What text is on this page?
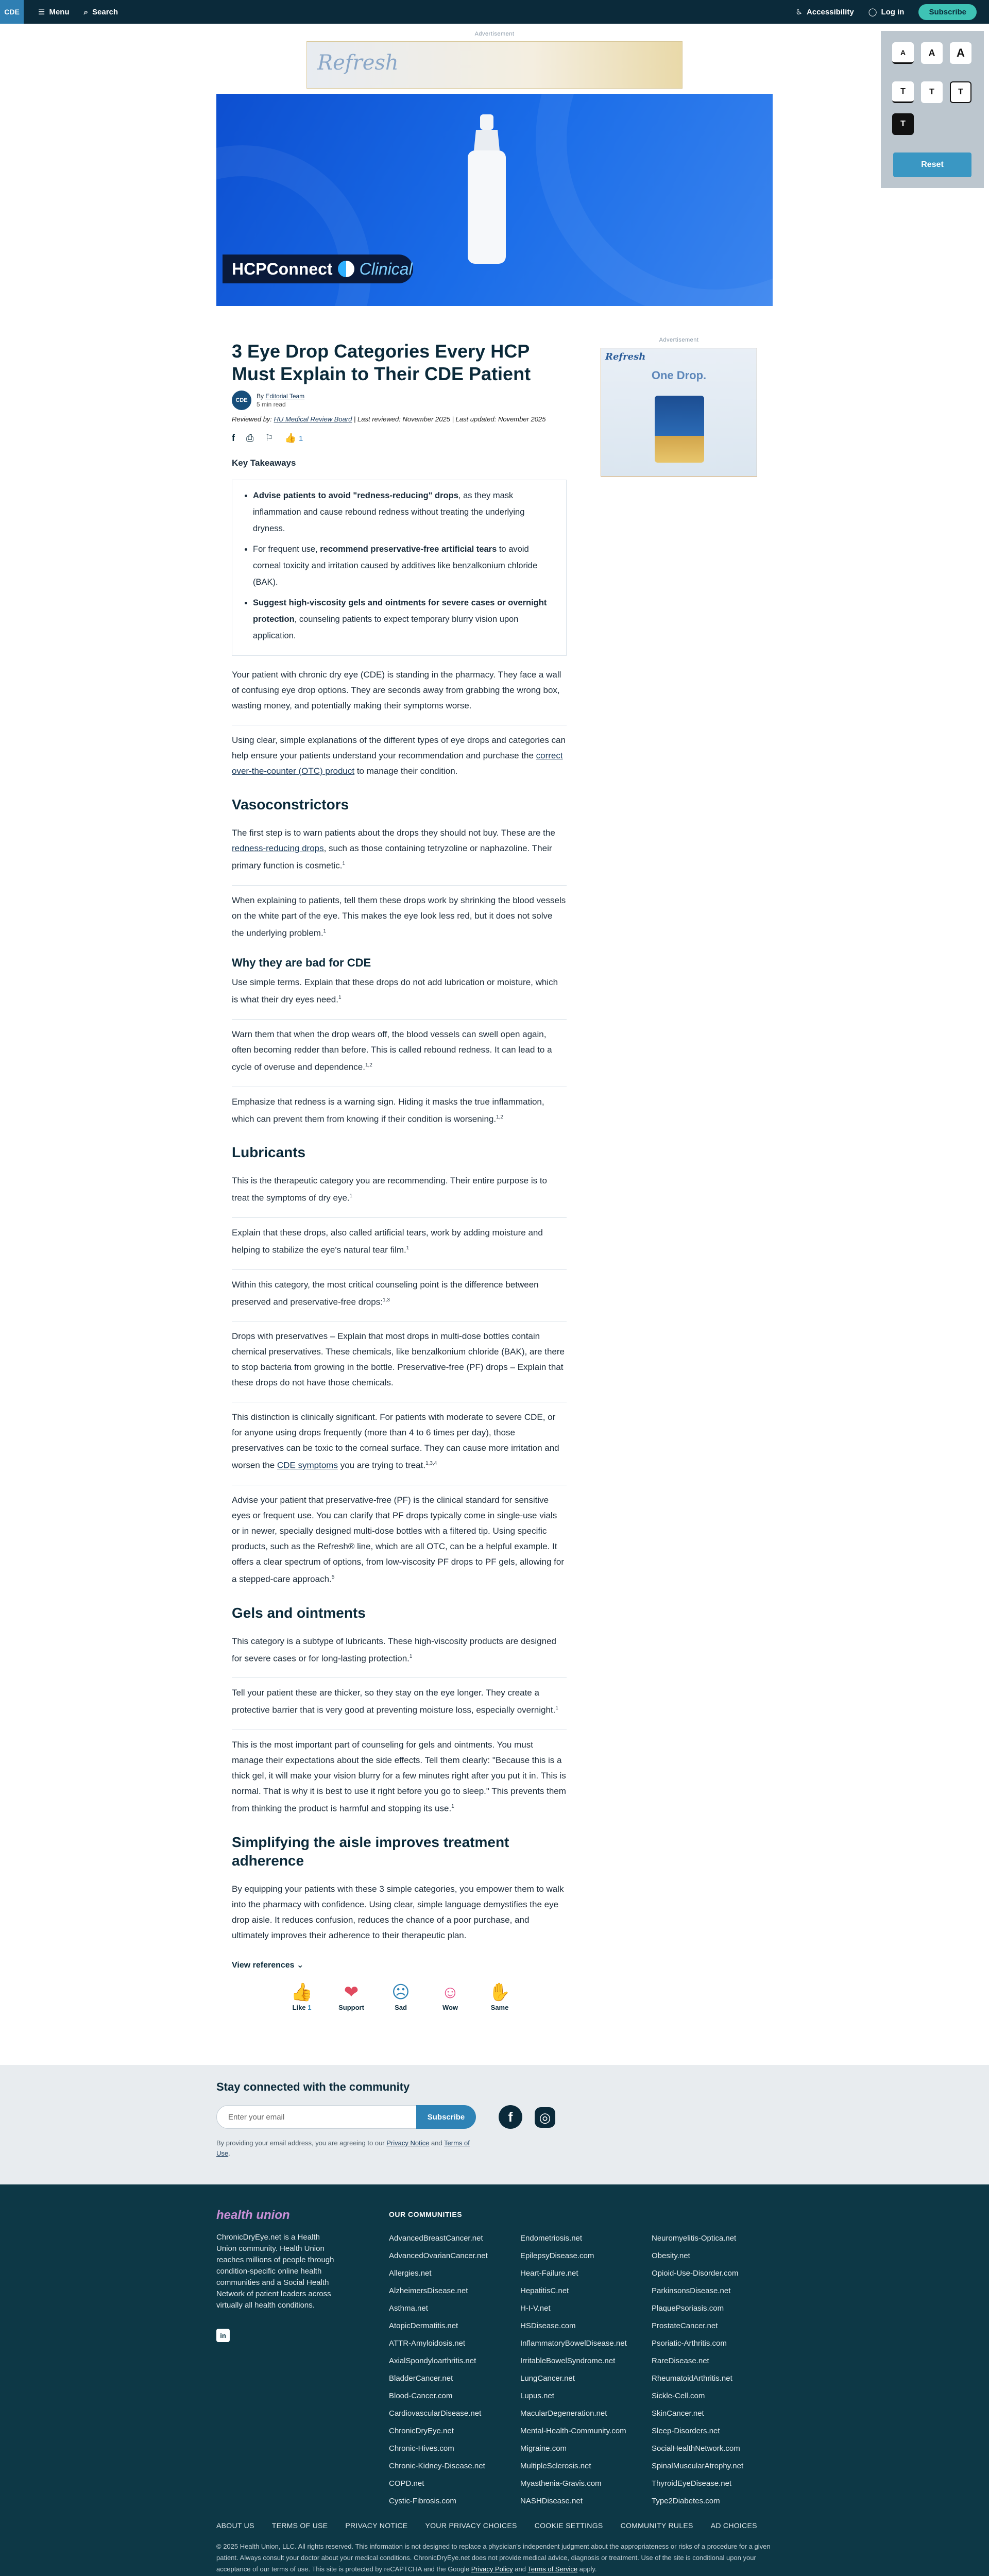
CDE	☰ Menu ⌕ Search	♿ Accessibility ◯ Log in	Subscribe
Advertisement
Refresh
HCPConnect Clinical
A	A	A
T	T	T
T
Reset
Advertisement
Refresh
One Drop.
3 Eye Drop Categories Every HCP Must Explain to Their CDE Patient
CDE
By Editorial Team
5 min read
Reviewed by: HU Medical Review Board | Last reviewed: November 2025 | Last updated: November 2025
f ⎙ ⚐ 👍 1
Key Takeaways
• Advise patients to avoid "redness-reducing" drops, as they mask inflammation and cause rebound redness without treating the underlying dryness.
• For frequent use, recommend preservative-free artificial tears to avoid corneal toxicity and irritation caused by additives like benzalkonium chloride (BAK).
• Suggest high-viscosity gels and ointments for severe cases or overnight protection, counseling patients to expect temporary blurry vision upon application.

Your patient with chronic dry eye (CDE) is standing in the pharmacy. They face a wall of confusing eye drop options. They are seconds away from grabbing the wrong box, wasting money, and potentially making their symptoms worse.

Using clear, simple explanations of the different types of eye drops and categories can help ensure your patients understand your recommendation and purchase the correct over-the-counter (OTC) product to manage their condition.

Vasoconstrictors

The first step is to warn patients about the drops they should not buy. These are the redness-reducing drops, such as those containing tetryzoline or naphazoline. Their primary function is cosmetic.$^1$

When explaining to patients, tell them these drops work by shrinking the blood vessels on the white part of the eye. This makes the eye look less red, but it does not solve the underlying problem.$^1$

Why they are bad for CDE

Use simple terms. Explain that these drops do not add lubrication or moisture, which is what their dry eyes need.$^1$

Warn them that when the drop wears off, the blood vessels can swell open again, often becoming redder than before. This is called rebound redness. It can lead to a cycle of overuse and dependence.$^{1,2}$

Emphasize that redness is a warning sign. Hiding it masks the true inflammation, which can prevent them from knowing if their condition is worsening.$^{1,2}$

Lubricants

This is the therapeutic category you are recommending. Their entire purpose is to treat the symptoms of dry eye.$^1$

Explain that these drops, also called artificial tears, work by adding moisture and helping to stabilize the eye's natural tear film.$^1$

Within this category, the most critical counseling point is the difference between preserved and preservative-free drops:$^{1,3}$

Drops with preservatives – Explain that most drops in multi-dose bottles contain chemical preservatives. These chemicals, like benzalkonium chloride (BAK), are there to stop bacteria from growing in the bottle. Preservative-free (PF) drops – Explain that these drops do not have those chemicals.

This distinction is clinically significant. For patients with moderate to severe CDE, or for anyone using drops frequently (more than 4 to 6 times per day), those preservatives can be toxic to the corneal surface. They can cause more irritation and worsen the CDE symptoms you are trying to treat.$^{1,3,4}$

Advise your patient that preservative-free (PF) is the clinical standard for sensitive eyes or frequent use. You can clarify that PF drops typically come in single-use vials or in newer, specially designed multi-dose bottles with a filtered tip. Using specific products, such as the Refresh® line, which are all OTC, can be a helpful example. It offers a clear spectrum of options, from low-viscosity PF drops to PF gels, allowing for a stepped-care approach.$^5$

Gels and ointments

This category is a subtype of lubricants. These high-viscosity products are designed for severe cases or for long-lasting protection.$^1$

Tell your patient these are thicker, so they stay on the eye longer. They create a protective barrier that is very good at preventing moisture loss, especially overnight.$^1$

This is the most important part of counseling for gels and ointments. You must manage their expectations about the side effects. Tell them clearly: "Because this is a thick gel, it will make your vision blurry for a few minutes right after you put it in. This is normal. That is why it is best to use it right before you go to sleep." This prevents them from thinking the product is harmful and stopping its use.$^1$

Simplifying the aisle improves treatment adherence

By equipping your patients with these 3 simple categories, you empower them to walk into the pharmacy with confidence. Using clear, simple language demystifies the eye drop aisle. It reduces confusion, reduces the chance of a poor purchase, and ultimately improves their adherence to their therapeutic plan.

View references ⌄
👍
Like 1
❤
Support
☹
Sad
☺
Wow
✋
Same
Stay connected with the community
Enter your email	Subscribe	f	◎
By providing your email address, you are agreeing to our Privacy Notice and Terms of Use.
health union
ChronicDryEye.net is a Health Union community. Health Union reaches millions of people through condition-specific online health communities and a Social Health Network of patient leaders across virtually all health conditions.
in
OUR COMMUNITIES
AdvancedBreastCancer.net
AdvancedOvarianCancer.net
Allergies.net
AlzheimersDisease.net
Asthma.net
AtopicDermatitis.net
ATTR-Amyloidosis.net
AxialSpondyloarthritis.net
BladderCancer.net
Blood-Cancer.com
CardiovascularDisease.net
ChronicDryEye.net
Chronic-Hives.com
Chronic-Kidney-Disease.net
COPD.net
Cystic-Fibrosis.com
Endometriosis.net
EpilepsyDisease.com
Heart-Failure.net
HepatitisC.net
H-I-V.net
HSDisease.com
InflammatoryBowelDisease.net
IrritableBowelSyndrome.net
LungCancer.net
Lupus.net
MacularDegeneration.net
Mental-Health-Community.com
Migraine.com
MultipleSclerosis.net
Myasthenia-Gravis.com
NASHDisease.net
Neuromyelitis-Optica.net
Obesity.net
Opioid-Use-Disorder.com
ParkinsonsDisease.net
PlaquePsoriasis.com
ProstateCancer.net
Psoriatic-Arthritis.com
RareDisease.net
RheumatoidArthritis.net
Sickle-Cell.com
SkinCancer.net
Sleep-Disorders.net
SocialHealthNetwork.com
SpinalMuscularAtrophy.net
ThyroidEyeDisease.net
Type2Diabetes.com
ABOUT US TERMS OF USE PRIVACY NOTICE YOUR PRIVACY CHOICES COOKIE SETTINGS COMMUNITY RULES AD CHOICES
© 2025 Health Union, LLC. All rights reserved. This information is not designed to replace a physician's independent judgment about the appropriateness or risks of a procedure for a given patient. Always consult your doctor about your medical conditions. ChronicDryEye.net does not provide medical advice, diagnosis or treatment. Use of the site is conditional upon your acceptance of our terms of use. This site is protected by reCAPTCHA and the Google Privacy Policy and Terms of Service apply.
